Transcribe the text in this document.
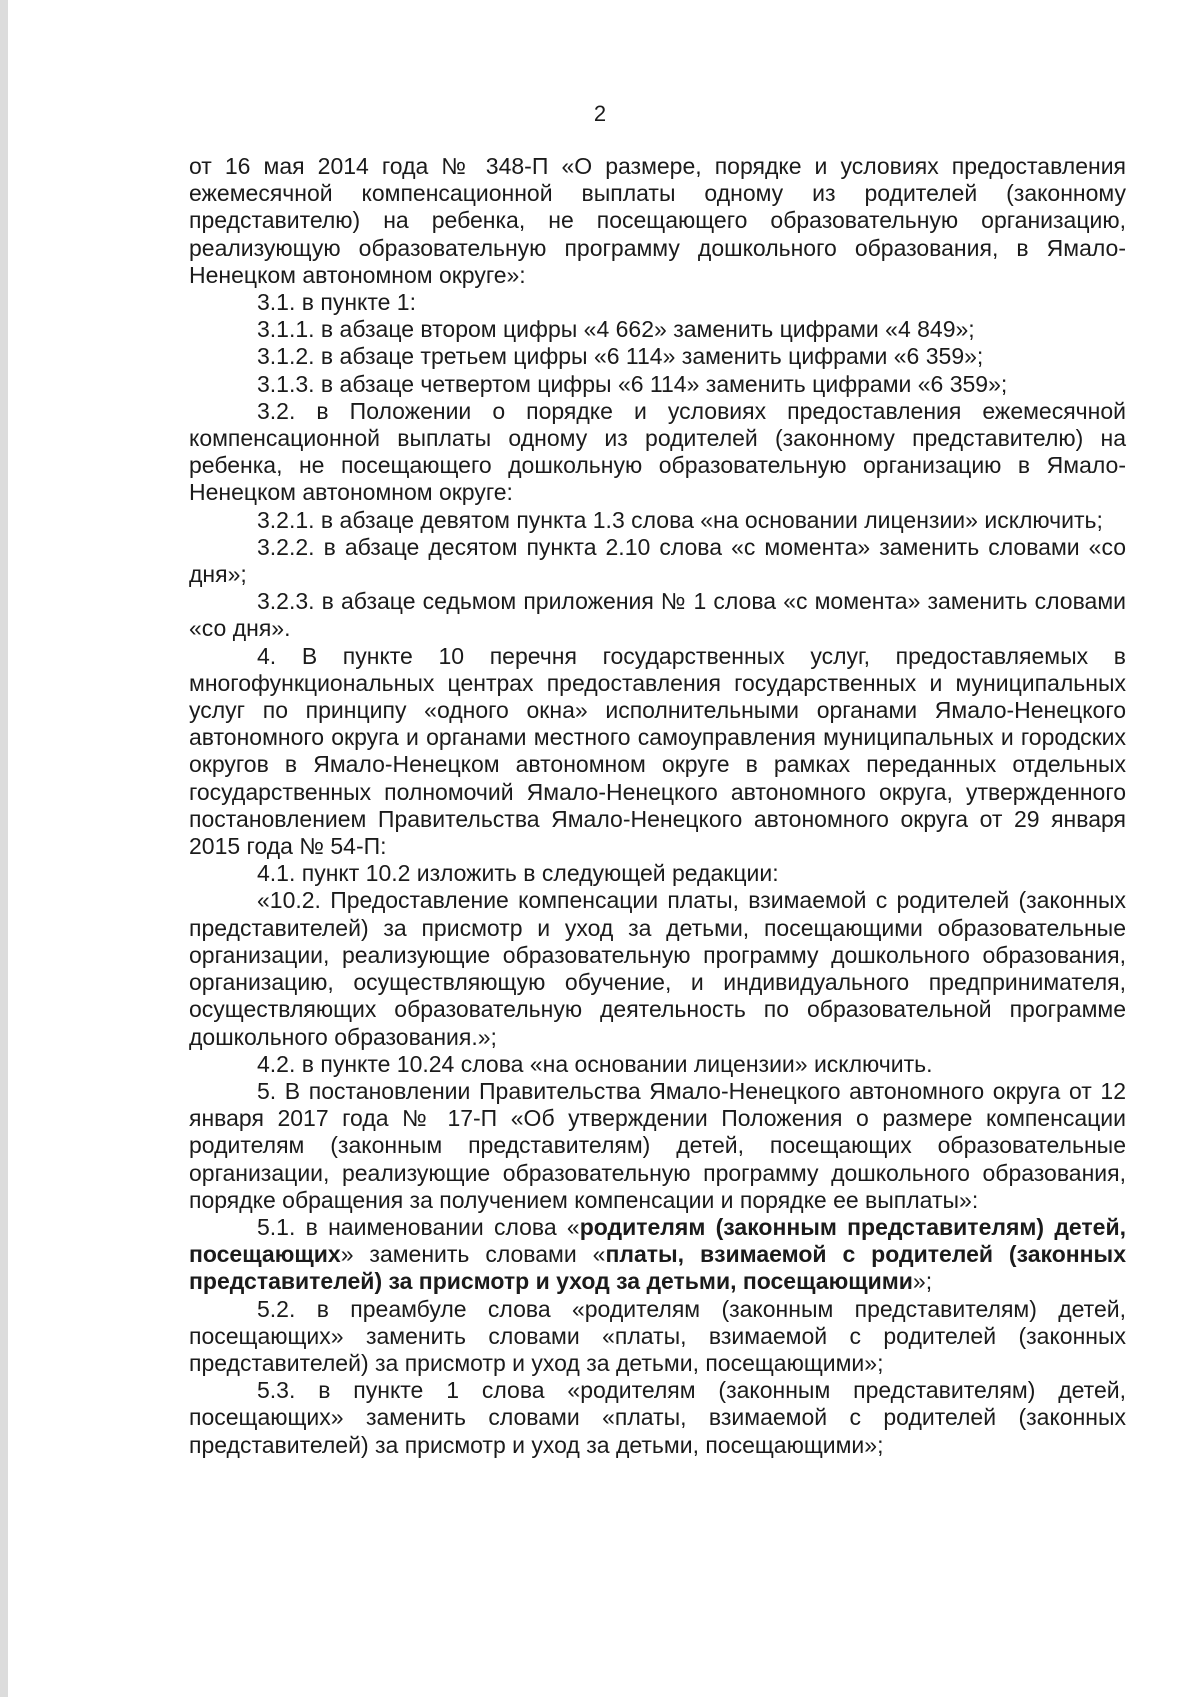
2

от 16 мая 2014 года № 348-П «О размере, порядке и условиях предоставления ежемесячной компенсационной выплаты одному из родителей (законному представителю) на ребенка, не посещающего образовательную организацию, реализующую образовательную программу дошкольного образования, в Ямало-Ненецком автономном округе»:

3.1. в пункте 1:

3.1.1. в абзаце втором цифры «4 662» заменить цифрами «4 849»;

3.1.2. в абзаце третьем цифры «6 114» заменить цифрами «6 359»;

3.1.3. в абзаце четвертом цифры «6 114» заменить цифрами «6 359»;

3.2. в Положении о порядке и условиях предоставления ежемесячной компенсационной выплаты одному из родителей (законному представителю) на ребенка, не посещающего дошкольную образовательную организацию в Ямало-Ненецком автономном округе:

3.2.1. в абзаце девятом пункта 1.3 слова «на основании лицензии» исключить;

3.2.2. в абзаце десятом пункта 2.10 слова «с момента» заменить словами «со дня»;

3.2.3. в абзаце седьмом приложения № 1 слова «с момента» заменить словами «со дня».

4. В пункте 10 перечня государственных услуг, предоставляемых в многофункциональных центрах предоставления государственных и муниципальных услуг по принципу «одного окна» исполнительными органами Ямало-Ненецкого автономного округа и органами местного самоуправления муниципальных и городских округов в Ямало-Ненецком автономном округе в рамках переданных отдельных государственных полномочий Ямало-Ненецкого автономного округа, утвержденного постановлением Правительства Ямало-Ненецкого автономного округа от 29 января 2015 года № 54-П:

4.1. пункт 10.2 изложить в следующей редакции:

«10.2. Предоставление компенсации платы, взимаемой с родителей (законных представителей) за присмотр и уход за детьми, посещающими образовательные организации, реализующие образовательную программу дошкольного образования, организацию, осуществляющую обучение, и индивидуального предпринимателя, осуществляющих образовательную деятельность по образовательной программе дошкольного образования.»;

4.2. в пункте 10.24 слова «на основании лицензии» исключить.

5. В постановлении Правительства Ямало-Ненецкого автономного округа от 12 января 2017 года № 17-П «Об утверждении Положения о размере компенсации родителям (законным представителям) детей, посещающих образовательные организации, реализующие образовательную программу дошкольного образования, порядке обращения за получением компенсации и порядке ее выплаты»:

5.1. в наименовании слова «родителям (законным представителям) детей, посещающих» заменить словами «платы, взимаемой с родителей (законных представителей) за присмотр и уход за детьми, посещающими»;

5.2. в преамбуле слова «родителям (законным представителям) детей, посещающих» заменить словами «платы, взимаемой с родителей (законных представителей) за присмотр и уход за детьми, посещающими»;

5.3. в пункте 1 слова «родителям (законным представителям) детей, посещающих» заменить словами «платы, взимаемой с родителей (законных представителей) за присмотр и уход за детьми, посещающими»;
